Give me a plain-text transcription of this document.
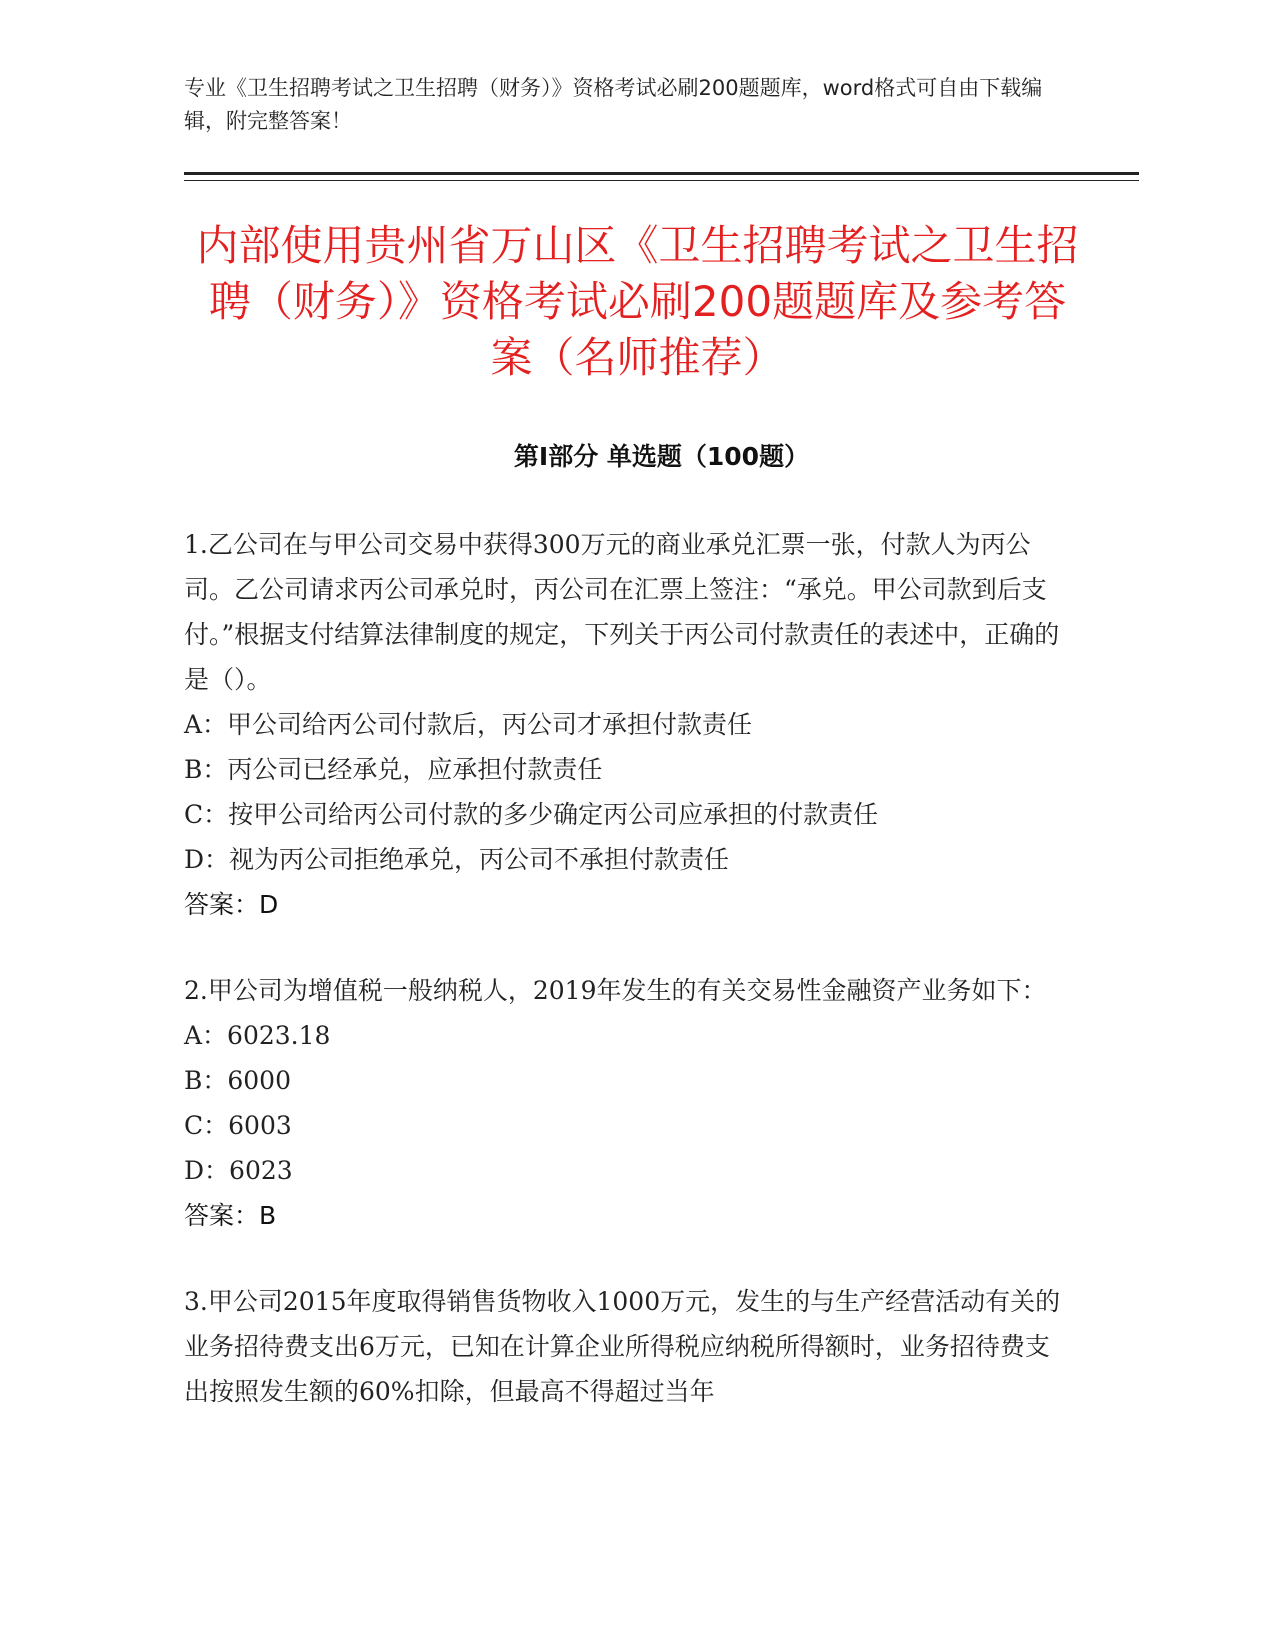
专业《卫生招聘考试之卫生招聘（财务）》资格考试必刷200题题库，word格式可自由下载编辑，附完整答案！
内部使用贵州省万山区《卫生招聘考试之卫生招聘（财务）》资格考试必刷200题题库及参考答案（名师推荐）
第Ⅰ部分 单选题（100题）

1.乙公司在与甲公司交易中获得300万元的商业承兑汇票一张，付款人为丙公司。乙公司请求丙公司承兑时，丙公司在汇票上签注：“承兑。甲公司款到后支付。”根据支付结算法律制度的规定，下列关于丙公司付款责任的表述中，正确的是（）。

A：甲公司给丙公司付款后，丙公司才承担付款责任

B：丙公司已经承兑，应承担付款责任

C：按甲公司给丙公司付款的多少确定丙公司应承担的付款责任

D：视为丙公司拒绝承兑，丙公司不承担付款责任

答案：D

2.甲公司为增值税一般纳税人，2019年发生的有关交易性金融资产业务如下：

A：6023.18

B：6000

C：6003

D：6023

答案：B

3.甲公司2015年度取得销售货物收入1000万元，发生的与生产经营活动有关的业务招待费支出6万元，已知在计算企业所得税应纳税所得额时，业务招待费支出按照发生额的60%扣除，但最高不得超过当年
